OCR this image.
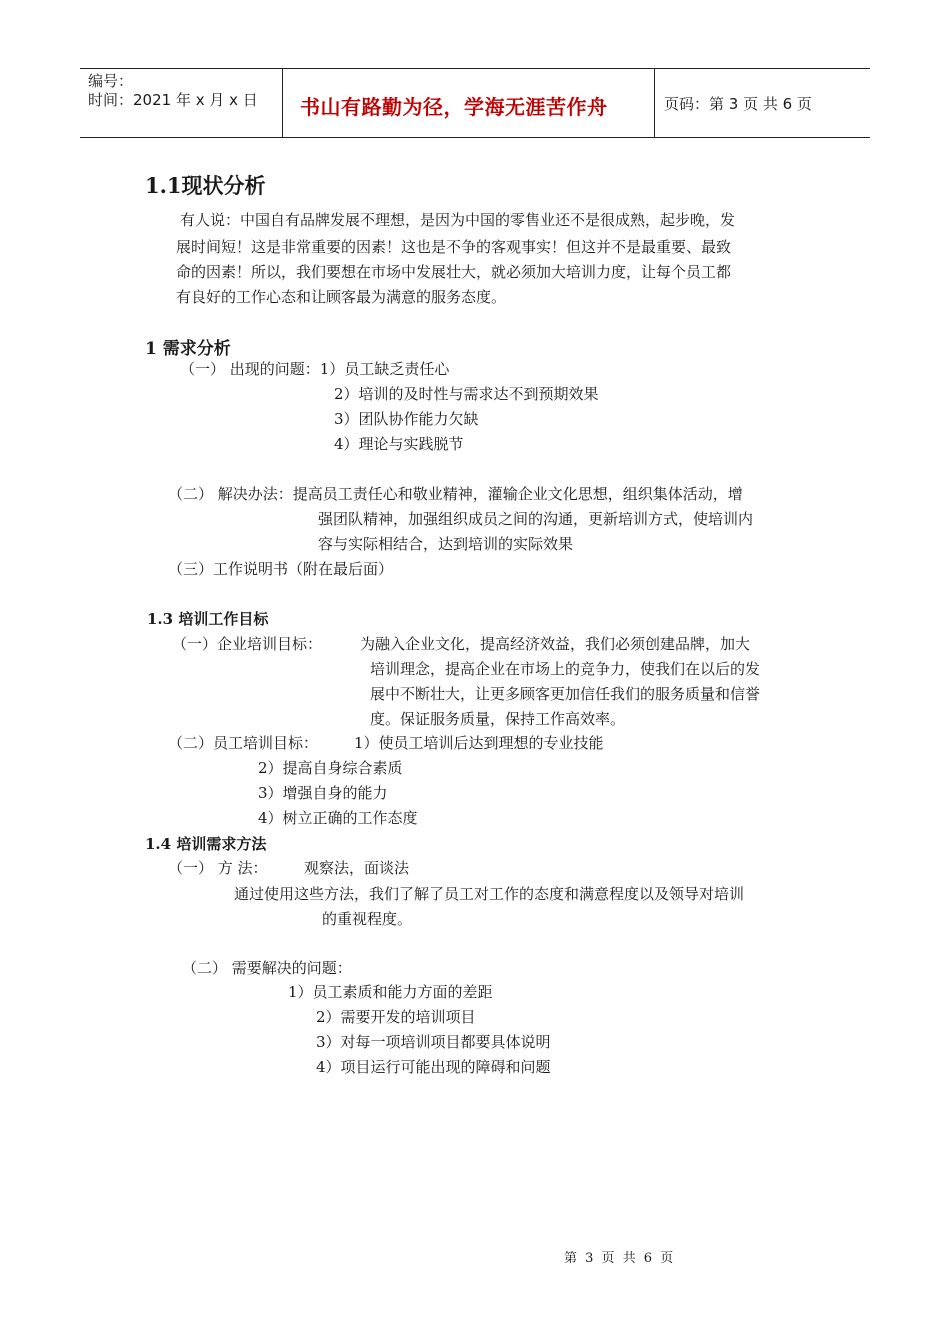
编号：
时间：2021 年 x 月 x 日 书山有路勤为径，学海无涯苦作舟	页码：第 3 页 共 6 页
1.1现状分析
有人说：中国自有品牌发展不理想，是因为中国的零售业还不是很成熟，起步晚，发
展时间短！这是非常重要的因素！这也是不争的客观事实！但这并不是最重要、最致
命的因素！所以，我们要想在市场中发展壮大，就必须加大培训力度，让每个员工都
有良好的工作心态和让顾客最为满意的服务态度。
1 需求分析
（一） 出现的问题：1）员工缺乏责任心
2）培训的及时性与需求达不到预期效果
3）团队协作能力欠缺
4）理论与实践脱节
（二） 解决办法：提高员工责任心和敬业精神，灌输企业文化思想，组织集体活动，增
强团队精神，加强组织成员之间的沟通，更新培训方式，使培训内
容与实际相结合，达到培训的实际效果
（三）工作说明书（附在最后面）
1.3 培训工作目标
（一）企业培训目标：	为融入企业文化，提高经济效益，我们必须创建品牌，加大
培训理念，提高企业在市场上的竞争力，使我们在以后的发
展中不断壮大，让更多顾客更加信任我们的服务质量和信誉
度。保证服务质量，保持工作高效率。
（二）员工培训目标： 1）使员工培训后达到理想的专业技能
2）提高自身综合素质
3）增强自身的能力
4）树立正确的工作态度
1.4 培训需求方法
（一） 方 法： 观察法，面谈法
通过使用这些方法，我们了解了员工对工作的态度和满意程度以及领导对培训
的重视程度。
（二） 需要解决的问题：
1）员工素质和能力方面的差距
2）需要开发的培训项目
3）对每一项培训项目都要具体说明
4）项目运行可能出现的障碍和问题
第 3 页 共 6 页
